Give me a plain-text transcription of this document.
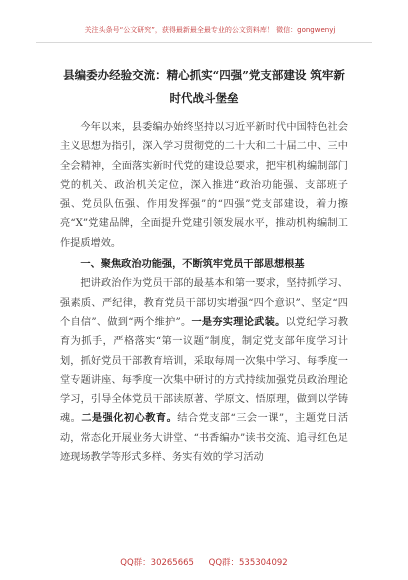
关注头条号“公文研究”，获得最新最全最专业的公文资料库！ 微信：gongwenyj
县编委办经验交流：精心抓实“四强”党支部建设 筑牢新
时代战斗堡垒

今年以来，县委编办始终坚持以习近平新时代中国特色社会主义思想为指引，深入学习贯彻党的二十大和二十届二中、三中全会精神，全面落实新时代党的建设总要求，把牢机构编制部门党的机关、政治机关定位，深入推进“政治功能强、支部班子强、党员队伍强、作用发挥强”的“四强”党支部建设，着力擦亮“X”党建品牌，全面提升党建引领发展水平，推动机构编制工作提质增效。

一、聚焦政治功能强，不断筑牢党员干部思想根基

把讲政治作为党员干部的最基本和第一要求，坚持抓学习、强素质、严纪律，教育党员干部切实增强“四个意识”、坚定“四个自信”、做到“两个维护”。一是夯实理论武装。以党纪学习教育为抓手，严格落实“第一议题”制度，制定党支部年度学习计划，抓好党员干部教育培训，采取每周一次集中学习、每季度一堂专题讲座、每季度一次集中研讨的方式持续加强党员政治理论学习，引导全体党员干部读原著、学原文、悟原理，做到以学铸魂。二是强化初心教育。结合党支部“三会一课”，主题党日活动，常态化开展业务大讲堂、“书香编办”读书交流、追寻红色足迹现场教学等形式多样、务实有效的学习活动

QQ群：30265665 QQ群：535304092
